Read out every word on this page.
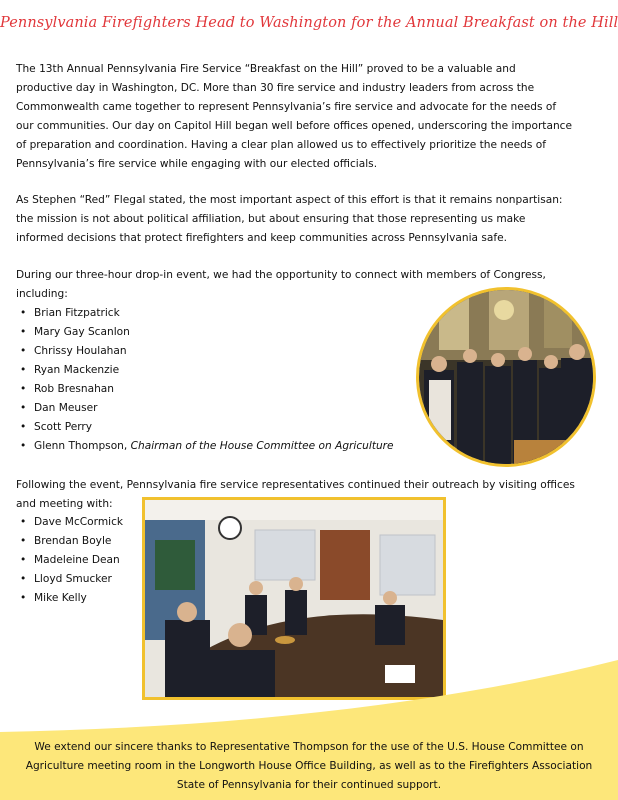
Pennsylvania Firefighters Head to Washington for the Annual Breakfast on the Hill

The 13th Annual Pennsylvania Fire Service “Breakfast on the Hill” proved to be a valuable and productive day in Washington, DC. More than 30 fire service and industry leaders from across the Commonwealth came together to represent Pennsylvania’s fire service and advocate for the needs of our communities. Our day on Capitol Hill began well before offices opened, underscoring the importance of preparation and coordination. Having a clear plan allowed us to effectively prioritize the needs of Pennsylvania’s fire service while engaging with our elected officials.

As Stephen “Red” Flegal stated, the most important aspect of this effort is that it remains nonpartisan: the mission is not about political affiliation, but about ensuring that those representing us make informed decisions that protect firefighters and keep communities across Pennsylvania safe.

During our three-hour drop-in event, we had the opportunity to connect with members of Congress, including:

• Brian Fitzpatrick
• Mary Gay Scanlon
• Chrissy Houlahan
• Ryan Mackenzie
• Rob Bresnahan
• Dan Meuser
• Scott Perry
• Glenn Thompson, Chairman of the House Committee on Agriculture

Following the event, Pennsylvania fire service representatives continued their outreach by visiting offices and meeting with:

• Dave McCormick
• Brendan Boyle
• Madeleine Dean
• Lloyd Smucker
• Mike Kelly
We extend our sincere thanks to Representative Thompson for the use of the U.S. House Committee on Agriculture meeting room in the Longworth House Office Building, as well as to the Firefighters Association State of Pennsylvania for their continued support.
